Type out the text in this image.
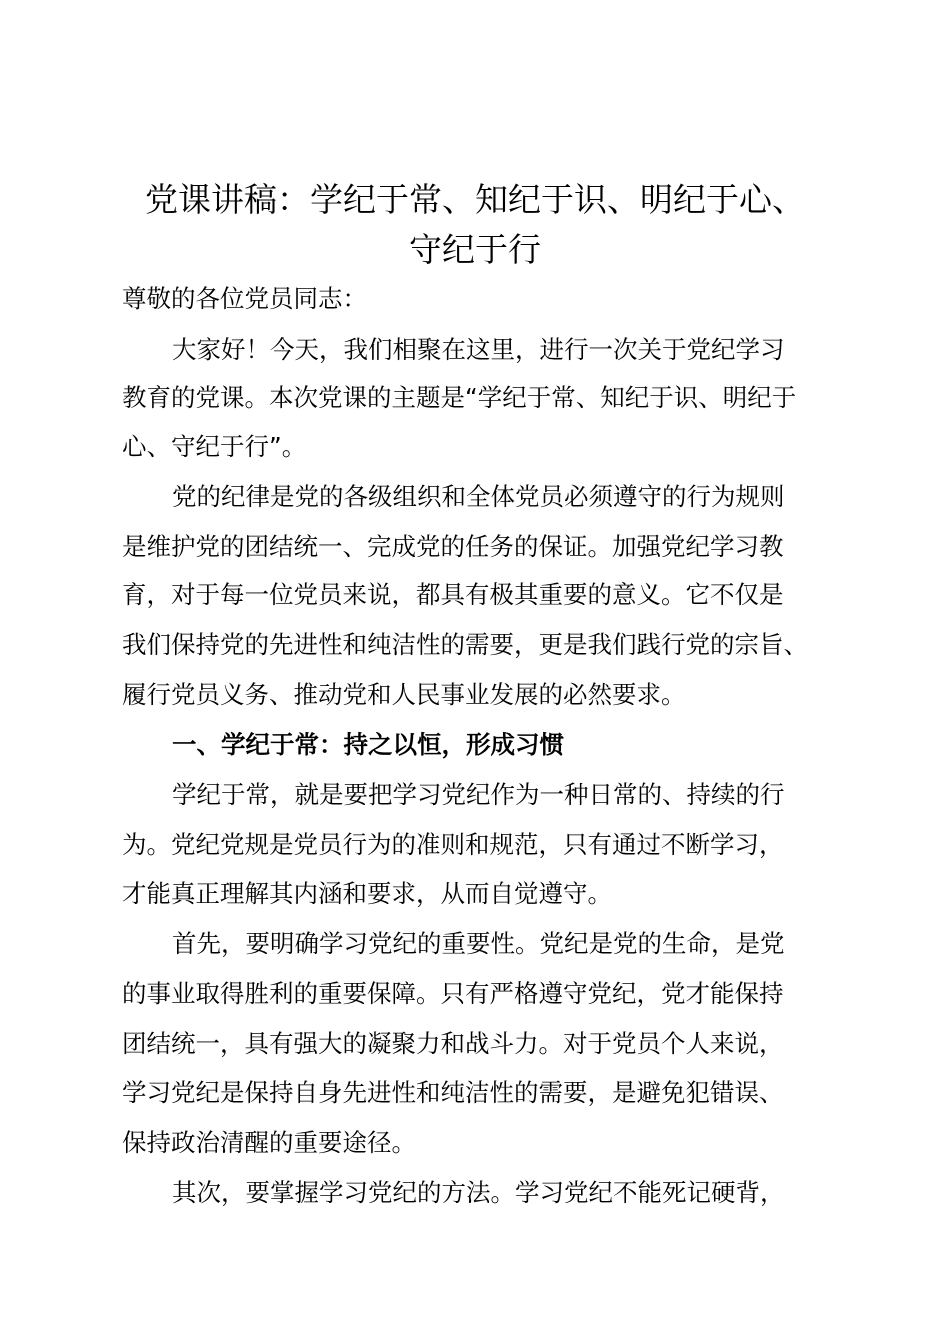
党课讲稿：学纪于常、知纪于识、明纪于心、
守纪于行
尊敬的各位党员同志：
大家好！今天，我们相聚在这里，进行一次关于党纪学习
教育的党课。本次党课的主题是“学纪于常、知纪于识、明纪于
心、守纪于行”。
党的纪律是党的各级组织和全体党员必须遵守的行为规则
是维护党的团结统一、完成党的任务的保证。加强党纪学习教
育，对于每一位党员来说，都具有极其重要的意义。它不仅是
我们保持党的先进性和纯洁性的需要，更是我们践行党的宗旨、
履行党员义务、推动党和人民事业发展的必然要求。
一、学纪于常：持之以恒，形成习惯
学纪于常，就是要把学习党纪作为一种日常的、持续的行
为。党纪党规是党员行为的准则和规范，只有通过不断学习，
才能真正理解其内涵和要求，从而自觉遵守。
首先，要明确学习党纪的重要性。党纪是党的生命，是党
的事业取得胜利的重要保障。只有严格遵守党纪，党才能保持
团结统一，具有强大的凝聚力和战斗力。对于党员个人来说，
学习党纪是保持自身先进性和纯洁性的需要，是避免犯错误、
保持政治清醒的重要途径。
其次，要掌握学习党纪的方法。学习党纪不能死记硬背，
